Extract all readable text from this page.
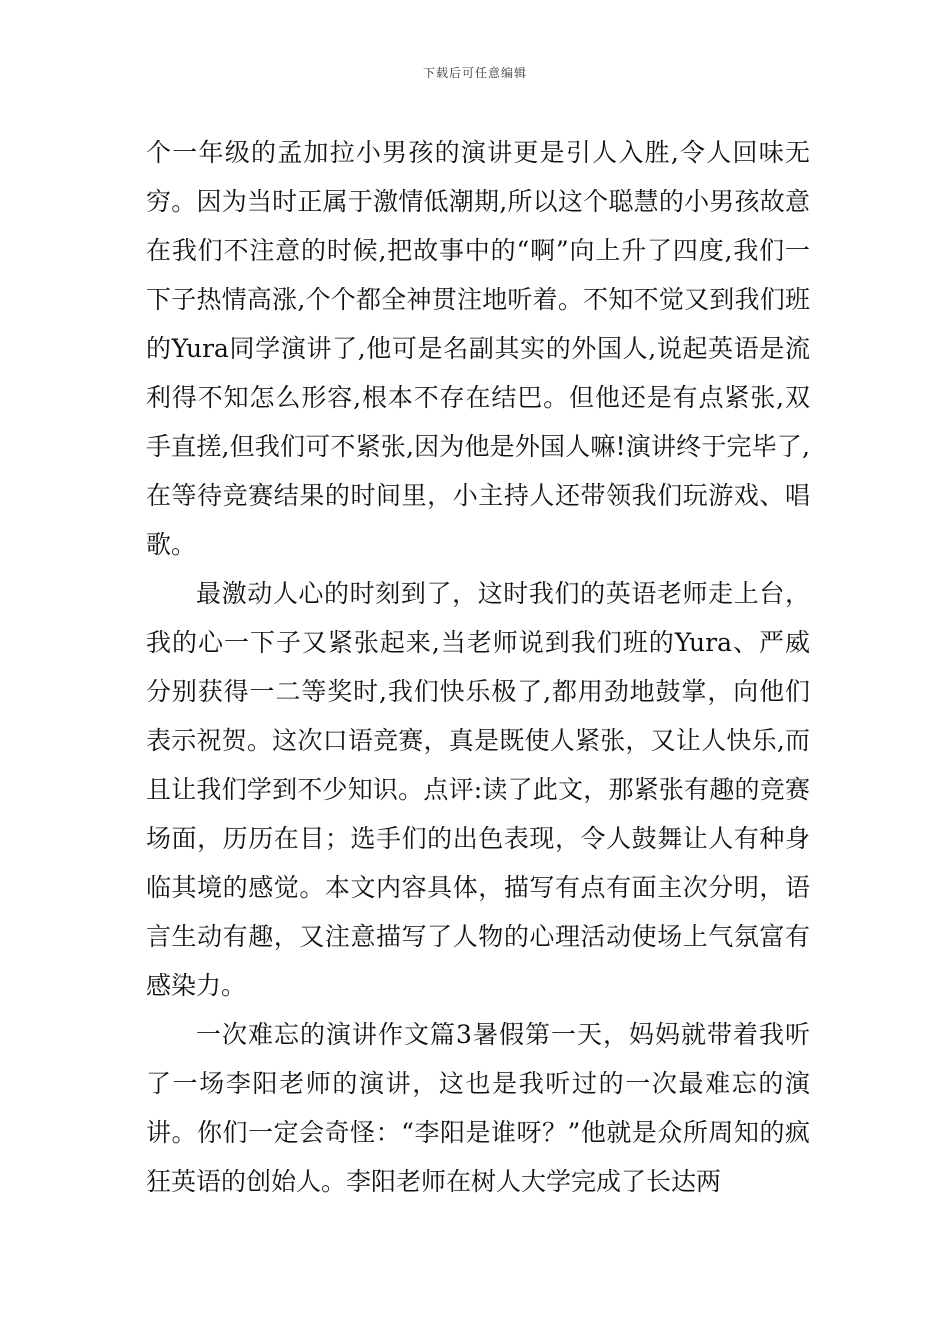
下载后可任意编辑

个一年级的孟加拉小男孩的演讲更是引人入胜,令人回味无穷。因为当时正属于激情低潮期,所以这个聪慧的小男孩故意在我们不注意的时候,把故事中的“啊”向上升了四度,我们一下子热情高涨,个个都全神贯注地听着。不知不觉又到我们班的Yura同学演讲了,他可是名副其实的外国人,说起英语是流利得不知怎么形容,根本不存在结巴。但他还是有点紧张,双手直搓,但我们可不紧张,因为他是外国人嘛!演讲终于完毕了,在等待竞赛结果的时间里，小主持人还带领我们玩游戏、唱歌。

最激动人心的时刻到了，这时我们的英语老师走上台，我的心一下子又紧张起来,当老师说到我们班的Yura、严威分别获得一二等奖时,我们快乐极了,都用劲地鼓掌，向他们表示祝贺。这次口语竞赛，真是既使人紧张，又让人快乐,而且让我们学到不少知识。点评:读了此文，那紧张有趣的竞赛场面，历历在目；选手们的出色表现，令人鼓舞让人有种身临其境的感觉。本文内容具体，描写有点有面主次分明，语言生动有趣，又注意描写了人物的心理活动使场上气氛富有感染力。

一次难忘的演讲作文篇3暑假第一天，妈妈就带着我听了一场李阳老师的演讲，这也是我听过的一次最难忘的演讲。你们一定会奇怪：“李阳是谁呀？”他就是众所周知的疯狂英语的创始人。李阳老师在树人大学完成了长达两
